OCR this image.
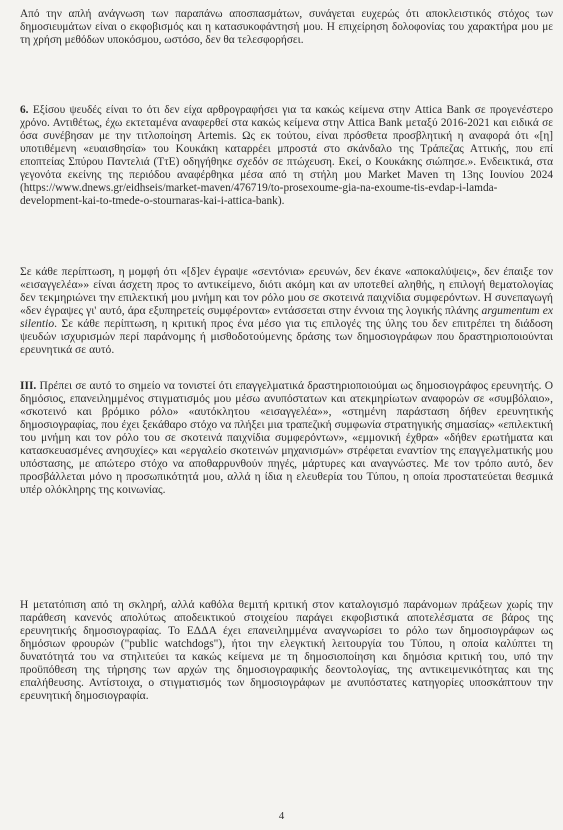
Από την απλή ανάγνωση των παραπάνω αποσπασμάτων, συνάγεται ευχερώς ότι αποκλειστικός στόχος των δημοσιευμάτων είναι ο εκφοβισμός και η κατασυκοφάντησή μου. Η επιχείρηση δολοφονίας του χαρακτήρα μου με τη χρήση μεθόδων υποκόσμου, ωστόσο, δεν θα τελεσφορήσει.
6. Εξίσου ψευδές είναι το ότι δεν είχα αρθρογραφήσει για τα κακώς κείμενα στην Attica Bank σε προγενέστερο χρόνο. Αντιθέτως, έχω εκτεταμένα αναφερθεί στα κακώς κείμενα στην Attica Bank μεταξύ 2016-2021 και ειδικά σε όσα συνέβησαν με την τιτλοποίηση Artemis. Ως εκ τούτου, είναι πρόσθετα προσβλητική η αναφορά ότι «[η] υποτιθέμενη «ευαισθησία» του Κουκάκη καταρρέει μπροστά στο σκάνδαλο της Τράπεζας Αττικής, που επί εποπτείας Σπύρου Παντελιά (ΤτΕ) οδηγήθηκε σχεδόν σε πτώχευση. Εκεί, ο Κουκάκης σιώπησε.». Ενδεικτικά, στα γεγονότα εκείνης της περιόδου αναφέρθηκα μέσα από τη στήλη μου Market Maven τη 13ης Ιουνίου 2024 (https://www.dnews.gr/eidhseis/market-maven/476719/to-prosexoume-gia-na-exoume-tis-evdap-i-lamda-development-kai-to-tmede-o-stournaras-kai-i-attica-bank).
Σε κάθε περίπτωση, η μομφή ότι «[δ]εν έγραψε «σεντόνια» ερευνών, δεν έκανε «αποκαλύψεις», δεν έπαιξε τον «εισαγγελέα»» είναι άσχετη προς το αντικείμενο, διότι ακόμη και αν υποτεθεί αληθής, η επιλογή θεματολογίας δεν τεκμηριώνει την επιλεκτική μου μνήμη και τον ρόλο μου σε σκοτεινά παιχνίδια συμφερόντων. Η συνεπαγωγή «δεν έγραψες γι' αυτό, άρα εξυπηρετείς συμφέροντα» εντάσσεται στην έννοια της λογικής πλάνης argumentum ex silentio. Σε κάθε περίπτωση, η κριτική προς ένα μέσο για τις επιλογές της ύλης του δεν επιτρέπει τη διάδοση ψευδών ισχυρισμών περί παράνομης ή μισθοδοτούμενης δράσης των δημοσιογράφων που δραστηριοποιούνται ερευνητικά σε αυτό.
III. Πρέπει σε αυτό το σημείο να τονιστεί ότι επαγγελματικά δραστηριοποιούμαι ως δημοσιογράφος ερευνητής. Ο δημόσιος, επανειλημμένος στιγματισμός μου μέσω ανυπόστατων και ατεκμηρίωτων αναφορών σε «συμβόλαιο», «σκοτεινό και βρόμικο ρόλο» «αυτόκλητου «εισαγγελέα»», «στημένη παράσταση δήθεν ερευνητικής δημοσιογραφίας, που έχει ξεκάθαρο στόχο να πλήξει μια τραπεζική συμφωνία στρατηγικής σημασίας» «επιλεκτική του μνήμη και τον ρόλο του σε σκοτεινά παιχνίδια συμφερόντων», «εμμονική έχθρα» «δήθεν ερωτήματα και κατασκευασμένες ανησυχίες» και «εργαλείο σκοτεινών μηχανισμών» στρέφεται εναντίον της επαγγελματικής μου υπόστασης, με απώτερο στόχο να αποθαρρυνθούν πηγές, μάρτυρες και αναγνώστες. Με τον τρόπο αυτό, δεν προσβάλλεται μόνο η προσωπικότητά μου, αλλά η ίδια η ελευθερία του Τύπου, η οποία προστατεύεται θεσμικά υπέρ ολόκληρης της κοινωνίας.
Η μετατόπιση από τη σκληρή, αλλά καθόλα θεμιτή κριτική στον καταλογισμό παράνομων πράξεων χωρίς την παράθεση κανενός απολύτως αποδεικτικού στοιχείου παράγει εκφοβιστικά αποτελέσματα σε βάρος της ερευνητικής δημοσιογραφίας. Το ΕΔΔΑ έχει επανειλημμένα αναγνωρίσει το ρόλο των δημοσιογράφων ως δημόσιων φρουρών ("public watchdogs"), ήτοι την ελεγκτική λειτουργία του Τύπου, η οποία καλύπτει τη δυνατότητά του να στηλιτεύει τα κακώς κείμενα με τη δημοσιοποίηση και δημόσια κριτική του, υπό την προϋπόθεση της τήρησης των αρχών της δημοσιογραφικής δεοντολογίας, της αντικειμενικότητας και της επαλήθευσης. Αντίστοιχα, ο στιγματισμός των δημοσιογράφων με ανυπόστατες κατηγορίες υποσκάπτουν την ερευνητική δημοσιογραφία.
4
